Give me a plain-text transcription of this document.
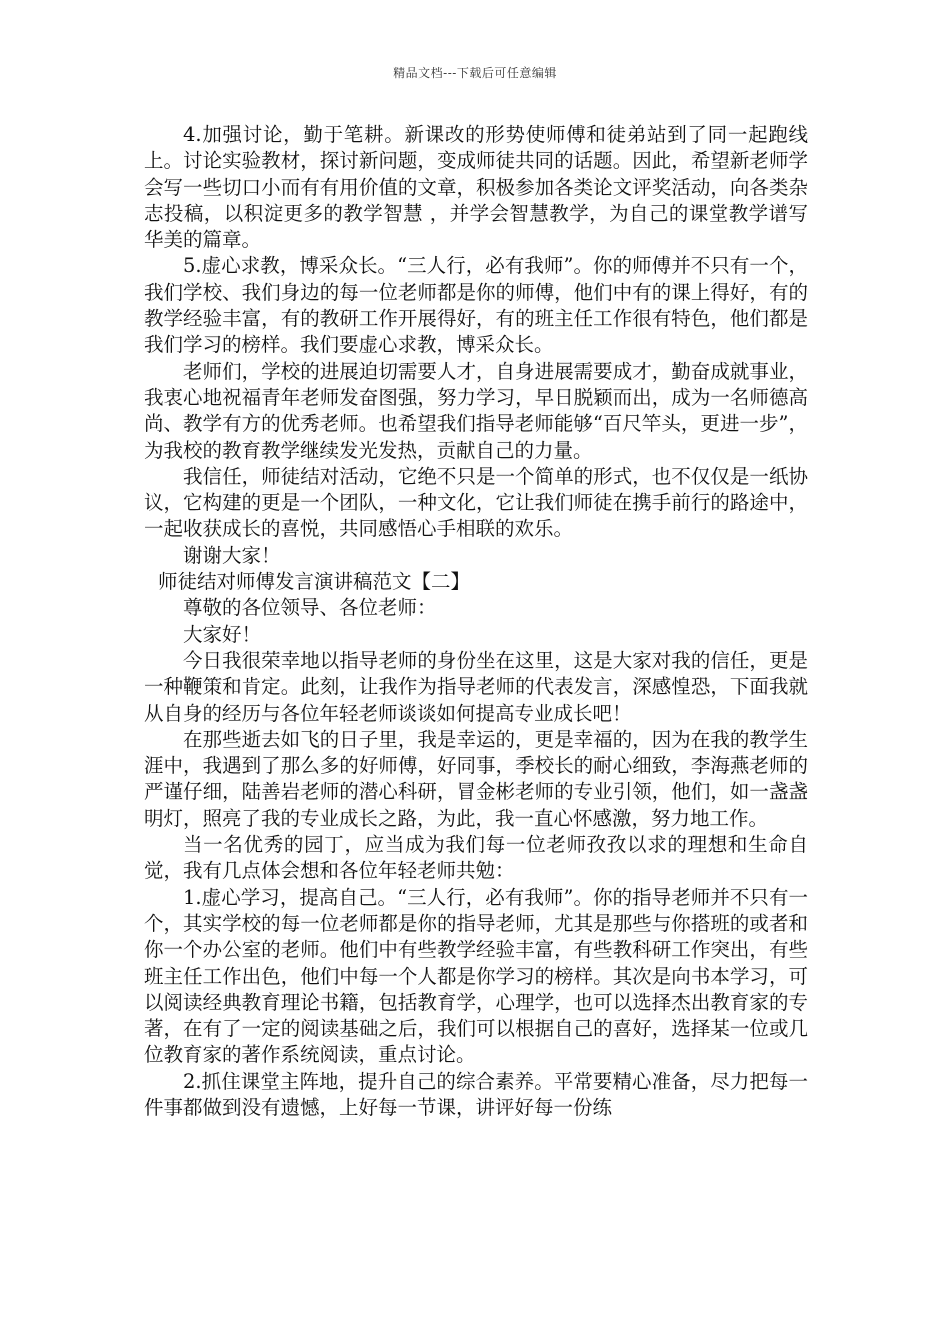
精品文档---下载后可任意编辑

4.加强讨论，勤于笔耕。新课改的形势使师傅和徒弟站到了同一起跑线上。讨论实验教材，探讨新问题，变成师徒共同的话题。因此，希望新老师学会写一些切口小而有有用价值的文章，积极参加各类论文评奖活动，向各类杂志投稿，以积淀更多的教学智慧 ，并学会智慧教学，为自己的课堂教学谱写华美的篇章。

5.虚心求教，博采众长。“三人行，必有我师”。你的师傅并不只有一个，我们学校、我们身边的每一位老师都是你的师傅，他们中有的课上得好，有的教学经验丰富，有的教研工作开展得好，有的班主任工作很有特色，他们都是我们学习的榜样。我们要虚心求教，博采众长。

老师们，学校的进展迫切需要人才，自身进展需要成才，勤奋成就事业，我衷心地祝福青年老师发奋图强，努力学习，早日脱颖而出，成为一名师德高尚、教学有方的优秀老师。也希望我们指导老师能够“百尺竿头，更进一步”，为我校的教育教学继续发光发热，贡献自己的力量。

我信任，师徒结对活动，它绝不只是一个简单的形式，也不仅仅是一纸协议，它构建的更是一个团队，一种文化，它让我们师徒在携手前行的路途中，一起收获成长的喜悦，共同感悟心手相联的欢乐。

谢谢大家！

师徒结对师傅发言演讲稿范文【二】

尊敬的各位领导、各位老师：

大家好！

今日我很荣幸地以指导老师的身份坐在这里，这是大家对我的信任，更是一种鞭策和肯定。此刻，让我作为指导老师的代表发言，深感惶恐，下面我就从自身的经历与各位年轻老师谈谈如何提高专业成长吧！

在那些逝去如飞的日子里，我是幸运的，更是幸福的，因为在我的教学生涯中，我遇到了那么多的好师傅，好同事，季校长的耐心细致，李海燕老师的严谨仔细，陆善岩老师的潜心科研，冒金彬老师的专业引领，他们，如一盏盏明灯，照亮了我的专业成长之路，为此，我一直心怀感激，努力地工作。

当一名优秀的园丁，应当成为我们每一位老师孜孜以求的理想和生命自觉，我有几点体会想和各位年轻老师共勉：

1.虚心学习，提高自己。“三人行，必有我师”。你的指导老师并不只有一个，其实学校的每一位老师都是你的指导老师，尤其是那些与你搭班的或者和你一个办公室的老师。他们中有些教学经验丰富，有些教科研工作突出，有些班主任工作出色，他们中每一个人都是你学习的榜样。其次是向书本学习，可以阅读经典教育理论书籍，包括教育学，心理学，也可以选择杰出教育家的专著，在有了一定的阅读基础之后，我们可以根据自己的喜好，选择某一位或几位教育家的著作系统阅读，重点讨论。

2.抓住课堂主阵地，提升自己的综合素养。平常要精心准备，尽力把每一件事都做到没有遗憾，上好每一节课，讲评好每一份练
